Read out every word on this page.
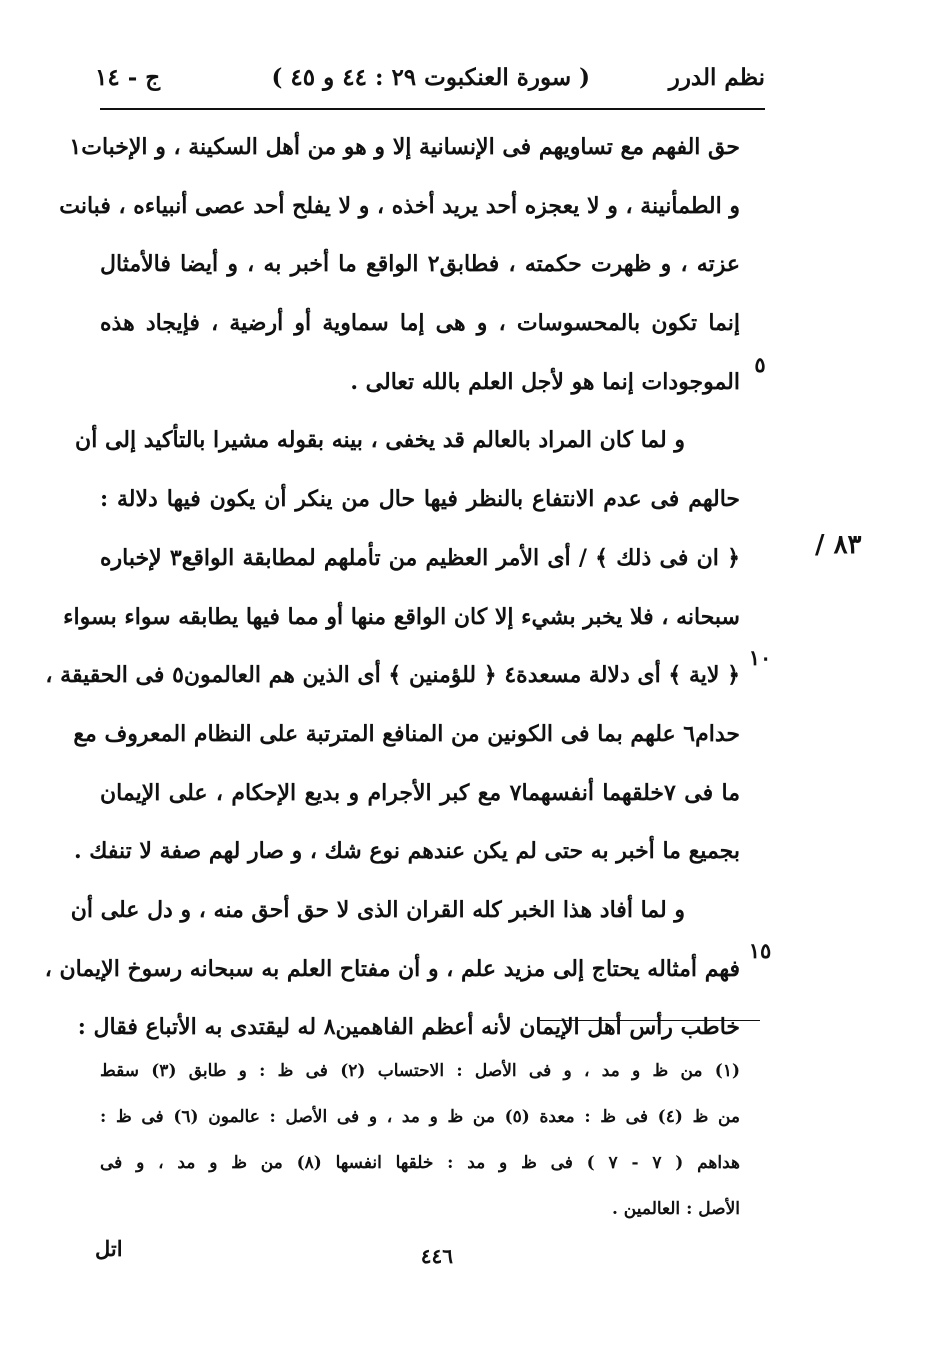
نظم الدرر
( سورة العنكبوت ٢٩ : ٤٤ و ٤٥ )
ج - ١٤
حق الفهم مع تساويهم فى الإنسانية إلا و هو من أهل السكينة ، و الإخبات١
و الطمأنينة ، و لا يعجزه أحد يريد أخذه ، و لا يفلح أحد عصى أنبياءه ، فبانت
عزته ، و ظهرت حكمته ، فطابق٢ الواقع ما أخبر به ، و أيضا فالأمثال
إنما تكون بالمحسوسات ، و هى إما سماوية أو أرضية ، فإيجاد هذه
الموجودات إنما هو لأجل العلم بالله تعالى .
و لما كان المراد بالعالم قد يخفى ، بينه بقوله مشيرا بالتأكيد إلى أن
حالهم فى عدم الانتفاع بالنظر فيها حال من ينكر أن يكون فيها دلالة :
﴿ ان فى ذلك ﴾ / أى الأمر العظيم من تأملهم لمطابقة الواقع٣ لإخباره
سبحانه ، فلا يخبر بشيء إلا كان الواقع منها أو مما فيها يطابقه سواء بسواء
﴿ لاية ﴾ أى دلالة مسعدة٤ ﴿ للؤمنين ﴾ أى الذين هم العالمون٥ فى الحقيقة ،
حدام٦ علهم بما فى الكونين من المنافع المترتبة على النظام المعروف مع
ما فى ٧خلقهما أنفسهما٧ مع كبر الأجرام و بديع الإحكام ، على الإيمان
بجميع ما أخبر به حتى لم يكن عندهم نوع شك ، و صار لهم صفة لا تنفك .
و لما أفاد هذا الخبر كله القران الذى لا حق أحق منه ، و دل على أن
فهم أمثاله يحتاج إلى مزيد علم ، و أن مفتاح العلم به سبحانه رسوخ الإيمان ،
خاطب رأس أهل الإيمان لأنه أعظم الفاهمين٨ له ليقتدى به الأتباع فقال :
٥
١٠
١٥
٨٣ /
(١) من ظ و مد ، و فى الأصل : الاحتساب (٢) فى ظ : و طابق (٣) سقط
من ظ (٤) فى ظ : معدة (٥) من ظ و مد ، و فى الأصل : عالمون (٦) فى ظ :
هداهم ( ٧ - ٧ ) فى ظ و مد : خلقها انفسها (٨) من ظ و مد ، و فى
الأصل : العالمين .
٤٤٦
اتل
